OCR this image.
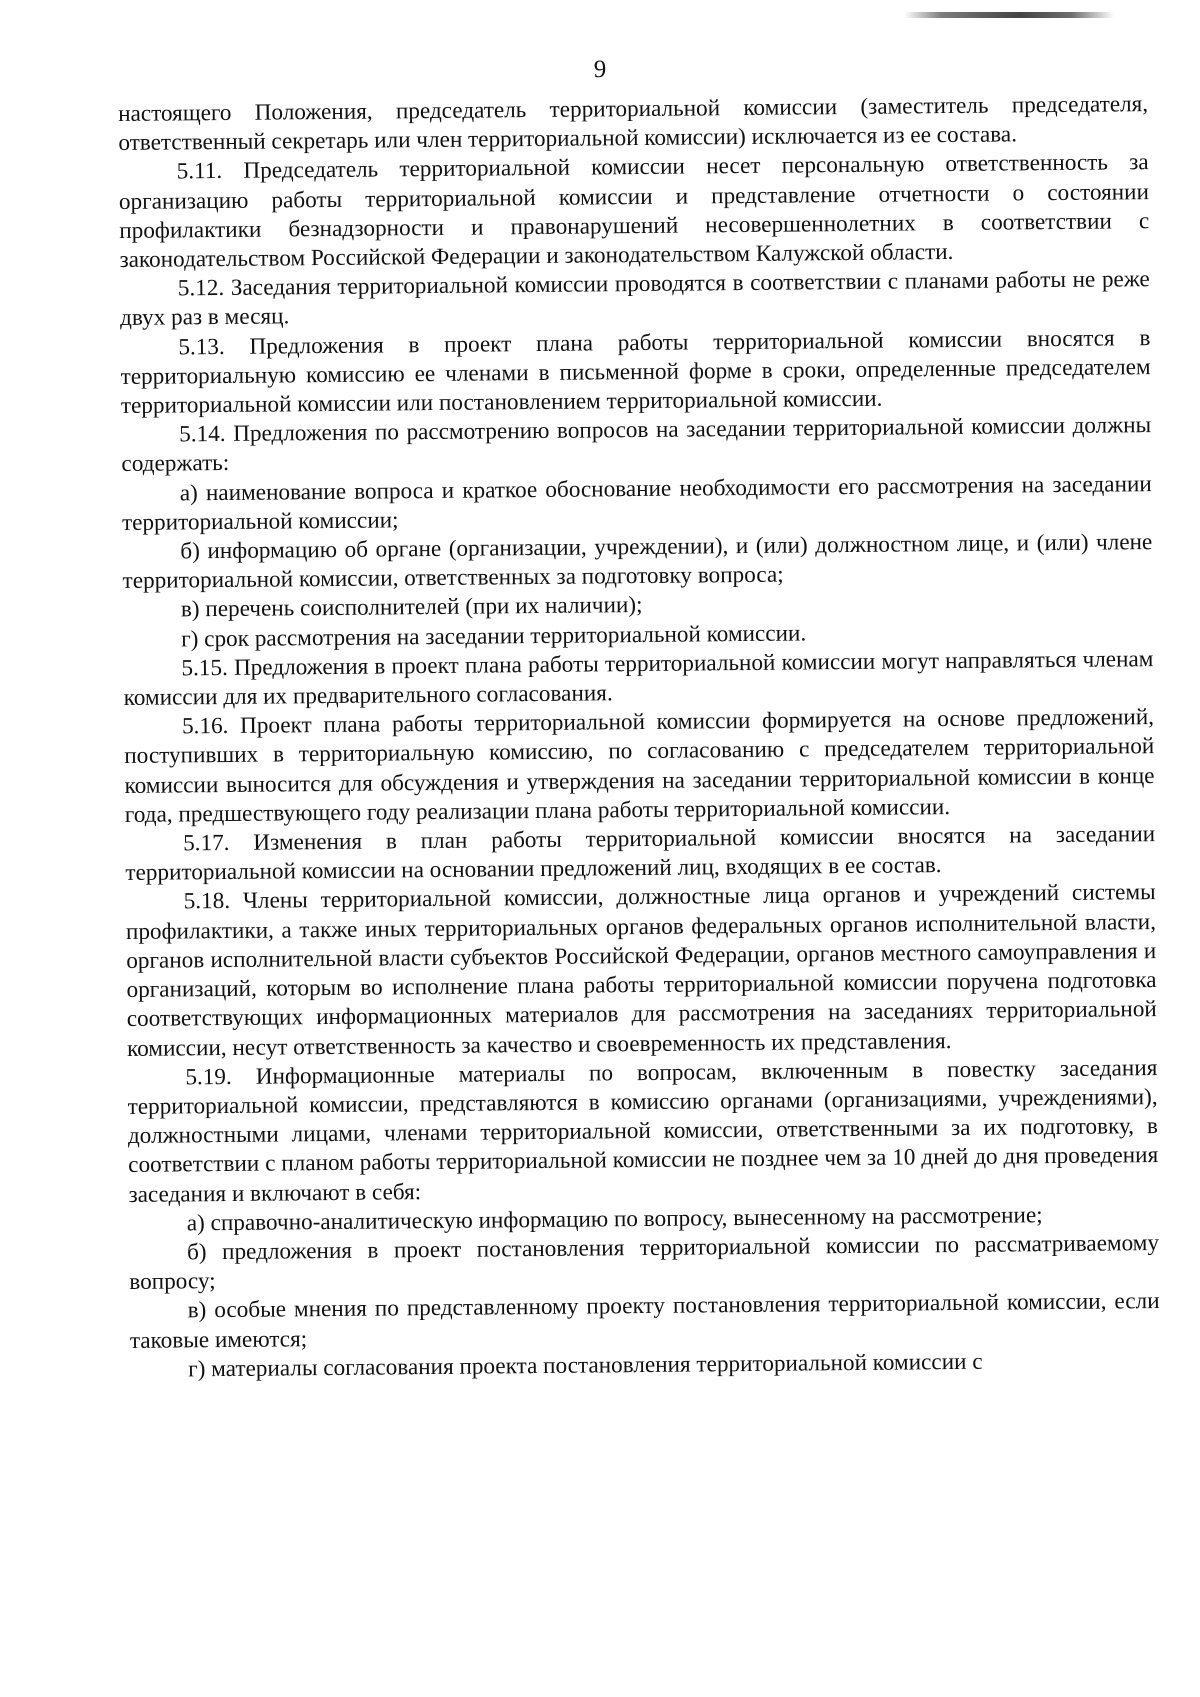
9

настоящего Положения, председатель территориальной комиссии (заместитель председателя, ответственный секретарь или член территориальной комиссии) исключается из ее состава.

5.11. Председатель территориальной комиссии несет персональную ответственность за организацию работы территориальной комиссии и представление отчетности о состоянии профилактики безнадзорности и правонарушений несовершеннолетних в соответствии с законодательством Российской Федерации и законодательством Калужской области.

5.12. Заседания территориальной комиссии проводятся в соответствии с планами работы не реже двух раз в месяц.

5.13. Предложения в проект плана работы территориальной комиссии вносятся в территориальную комиссию ее членами в письменной форме в сроки, определенные председателем территориальной комиссии или постановлением территориальной комиссии.

5.14. Предложения по рассмотрению вопросов на заседании территориальной комиссии должны содержать:

а) наименование вопроса и краткое обоснование необходимости его рассмотрения на заседании территориальной комиссии;

б) информацию об органе (организации, учреждении), и (или) должностном лице, и (или) члене территориальной комиссии, ответственных за подготовку вопроса;

в) перечень соисполнителей (при их наличии);

г) срок рассмотрения на заседании территориальной комиссии.

5.15. Предложения в проект плана работы территориальной комиссии могут направляться членам комиссии для их предварительного согласования.

5.16. Проект плана работы территориальной комиссии формируется на основе предложений, поступивших в территориальную комиссию, по согласованию с председателем территориальной комиссии выносится для обсуждения и утверждения на заседании территориальной комиссии в конце года, предшествующего году реализации плана работы территориальной комиссии.

5.17. Изменения в план работы территориальной комиссии вносятся на заседании территориальной комиссии на основании предложений лиц, входящих в ее состав.

5.18. Члены территориальной комиссии, должностные лица органов и учреждений системы профилактики, а также иных территориальных органов федеральных органов исполнительной власти, органов исполнительной власти субъектов Российской Федерации, органов местного самоуправления и организаций, которым во исполнение плана работы территориальной комиссии поручена подготовка соответствующих информационных материалов для рассмотрения на заседаниях территориальной комиссии, несут ответственность за качество и своевременность их представления.

5.19. Информационные материалы по вопросам, включенным в повестку заседания территориальной комиссии, представляются в комиссию органами (организациями, учреждениями), должностными лицами, членами территориальной комиссии, ответственными за их подготовку, в соответствии с планом работы территориальной комиссии не позднее чем за 10 дней до дня проведения заседания и включают в себя:

а) справочно-аналитическую информацию по вопросу, вынесенному на рассмотрение;

б) предложения в проект постановления территориальной комиссии по рассматриваемому вопросу;

в) особые мнения по представленному проекту постановления территориальной комиссии, если таковые имеются;

г) материалы согласования проекта постановления территориальной комиссии с
